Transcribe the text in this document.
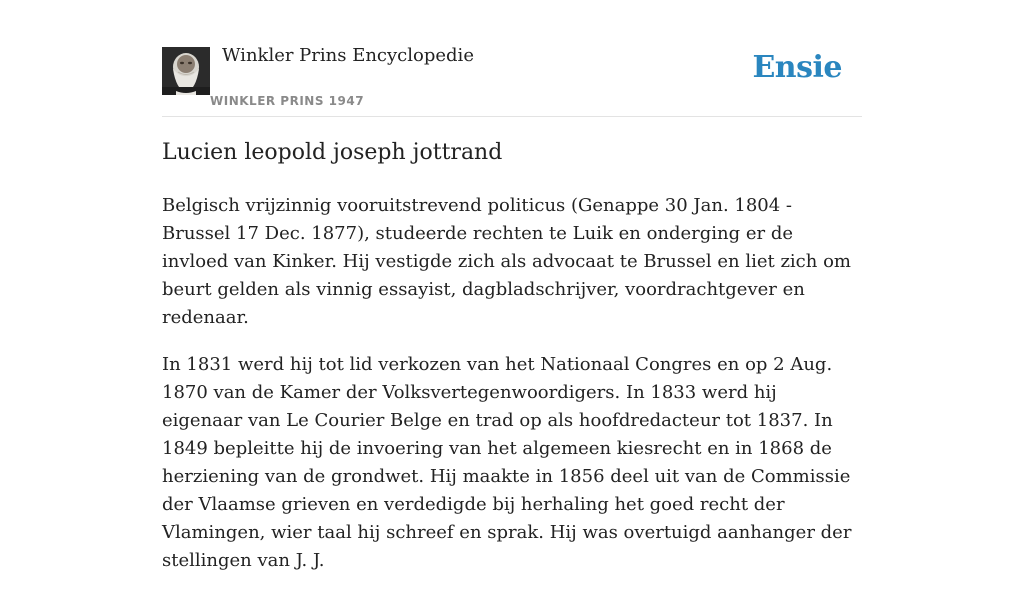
Winkler Prins Encyclopedie
WINKLER PRINS 1947
Ensie
Lucien leopold joseph jottrand

Belgisch vrijzinnig vooruitstrevend politicus (Genappe 30 Jan. 1804 - Brussel 17 Dec. 1877), studeerde rechten te Luik en onderging er de invloed van Kinker. Hij vestigde zich als advocaat te Brussel en liet zich om beurt gelden als vinnig essayist, dagbladschrijver, voordrachtgever en redenaar.

In 1831 werd hij tot lid verkozen van het Nationaal Congres en op 2 Aug. 1870 van de Kamer der Volksvertegenwoordigers. In 1833 werd hij eigenaar van Le Courier Belge en trad op als hoofdredacteur tot 1837. In 1849 bepleitte hij de invoering van het algemeen kiesrecht en in 1868 de herziening van de grondwet. Hij maakte in 1856 deel uit van de Commissie der Vlaamse grieven en verdedigde bij herhaling het goed recht der Vlamingen, wier taal hij schreef en sprak. Hij was overtuigd aanhanger der stellingen van J. J.
